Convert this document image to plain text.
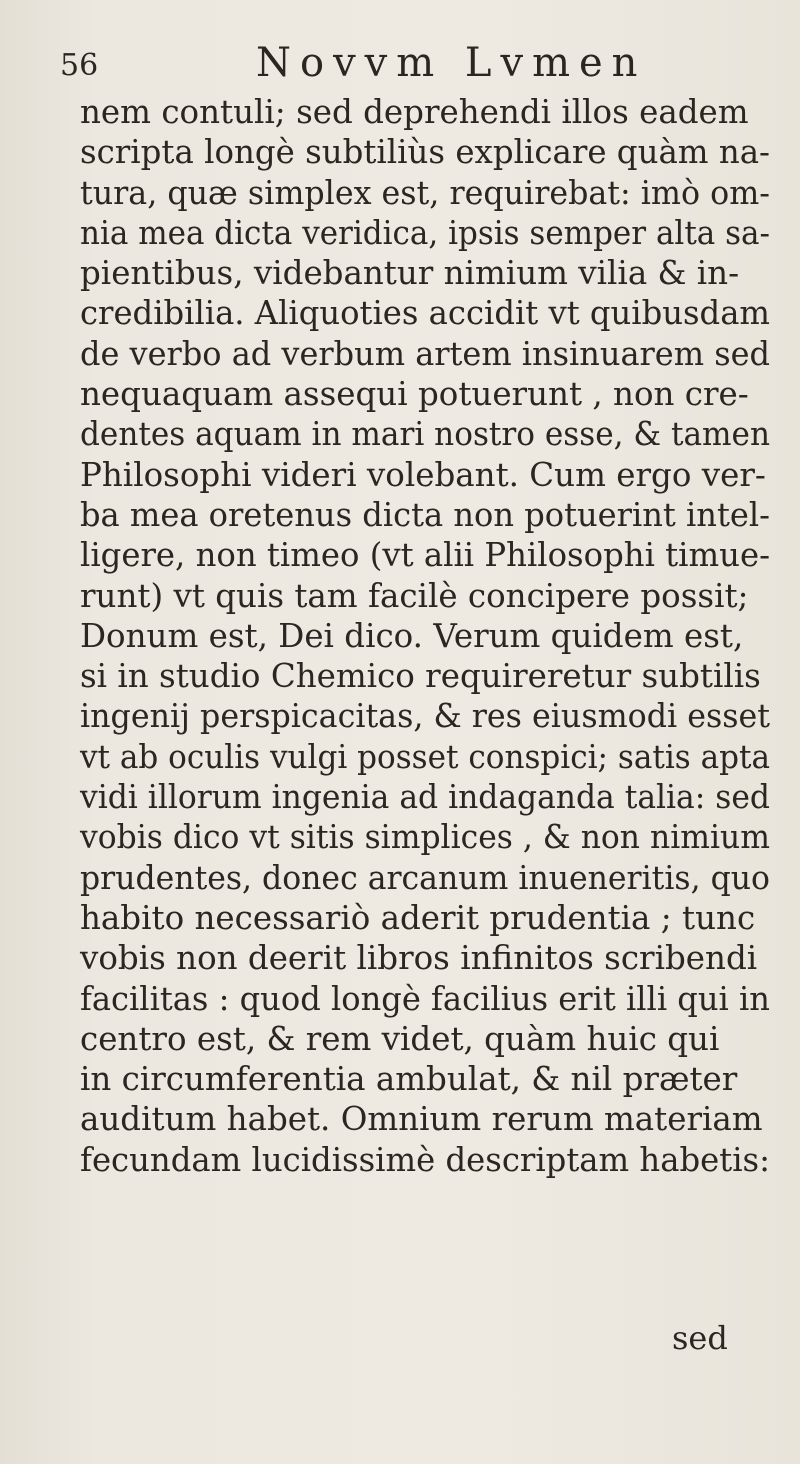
56	Novvm Lvmen
nem contuli; sed deprehendi illos eadem
scripta longè subtiliùs explicare quàm na-
tura, quæ simplex est, requirebat: imò om-
nia mea dicta veridica, ipsis semper alta sa-
pientibus, videbantur nimium vilia & in-
credibilia. Aliquoties accidit vt quibusdam
de verbo ad verbum artem insinuarem sed
nequaquam assequi potuerunt , non cre-
dentes aquam in mari nostro esse, & tamen
Philosophi videri volebant. Cum ergo ver-
ba mea oretenus dicta non potuerint intel-
ligere, non timeo (vt alii Philosophi timue-
runt) vt quis tam facilè concipere possit;
Donum est, Dei dico. Verum quidem est,
si in studio Chemico requireretur subtilis
ingenij perspicacitas, & res eiusmodi esset
vt ab oculis vulgi posset conspici; satis apta
vidi illorum ingenia ad indaganda talia: sed
vobis dico vt sitis simplices , & non nimium
prudentes, donec arcanum inueneritis, quo
habito necessariò aderit prudentia ; tunc
vobis non deerit libros infinitos scribendi
facilitas : quod longè facilius erit illi qui in
centro est, & rem videt, quàm huic qui
in circumferentia ambulat, & nil præter
auditum habet. Omnium rerum materiam
fecundam lucidissimè descriptam habetis:
sed
